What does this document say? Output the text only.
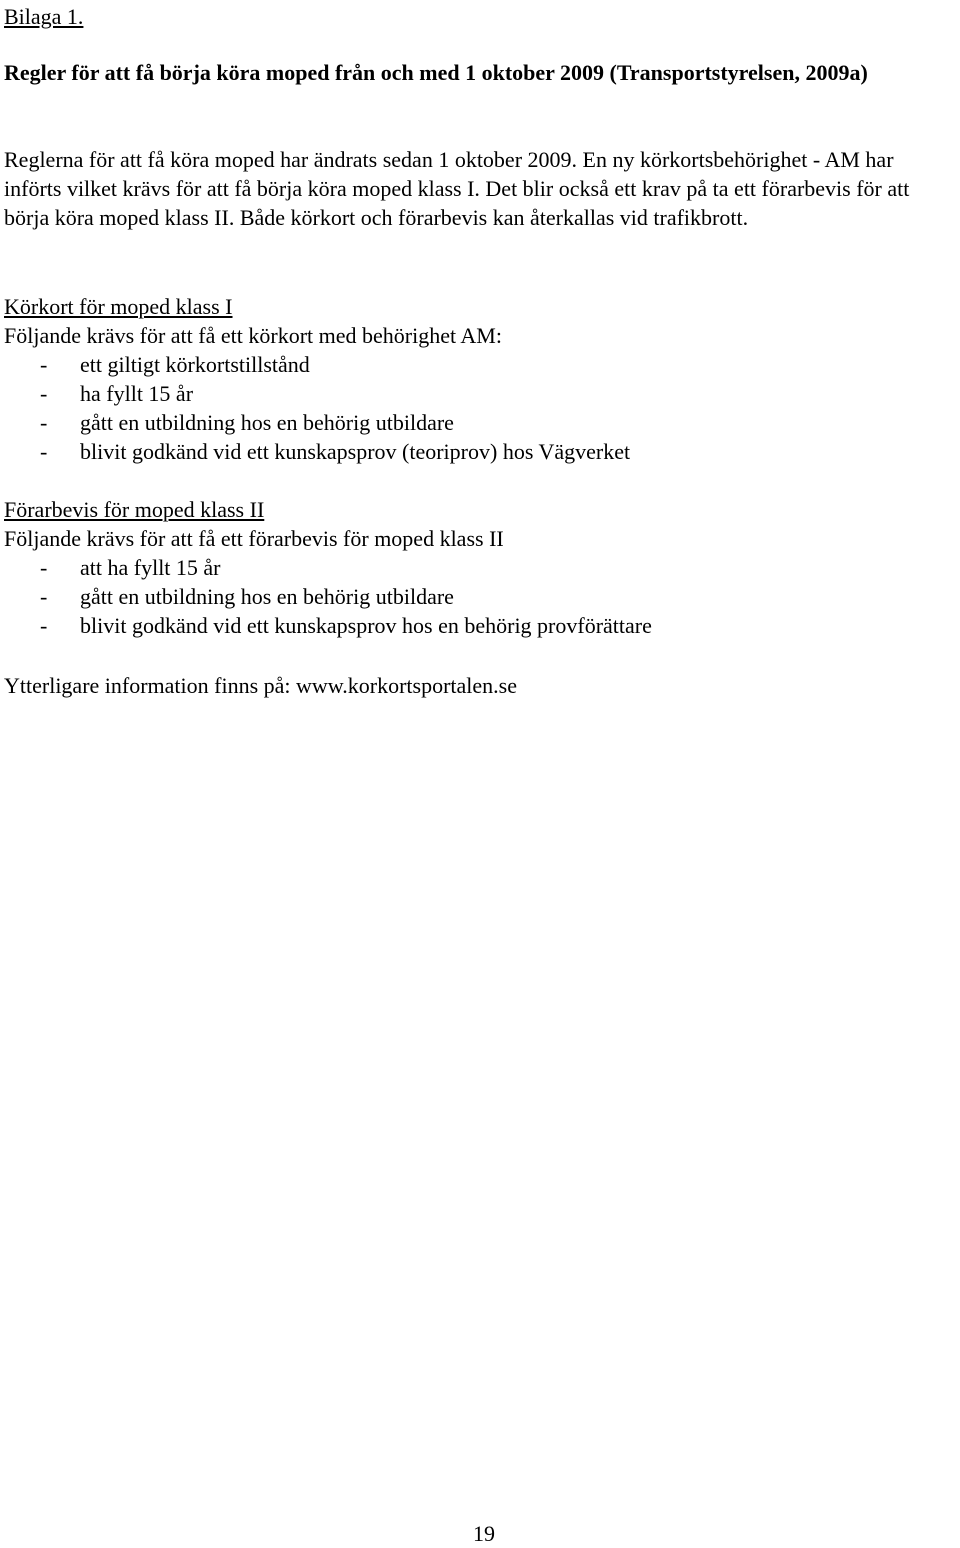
Bilaga 1.
Regler för att få börja köra moped från och med 1 oktober 2009 (Transportstyrelsen, 2009a)

Reglerna för att få köra moped har ändrats sedan 1 oktober 2009. En ny körkortsbehörighet - AM har införts vilket krävs för att få börja köra moped klass I. Det blir också ett krav på ta ett förarbevis för att börja köra moped klass II. Både körkort och förarbevis kan återkallas vid trafikbrott.

Körkort för moped klass I

Följande krävs för att få ett körkort med behörighet AM:

- ett giltigt körkortstillstånd
- ha fyllt 15 år
- gått en utbildning hos en behörig utbildare
- blivit godkänd vid ett kunskapsprov (teoriprov) hos Vägverket
Förarbevis för moped klass II

Följande krävs för att få ett förarbevis för moped klass II

- att ha fyllt 15 år
- gått en utbildning hos en behörig utbildare
- blivit godkänd vid ett kunskapsprov hos en behörig provförättare

Ytterligare information finns på: www.korkortsportalen.se

19
